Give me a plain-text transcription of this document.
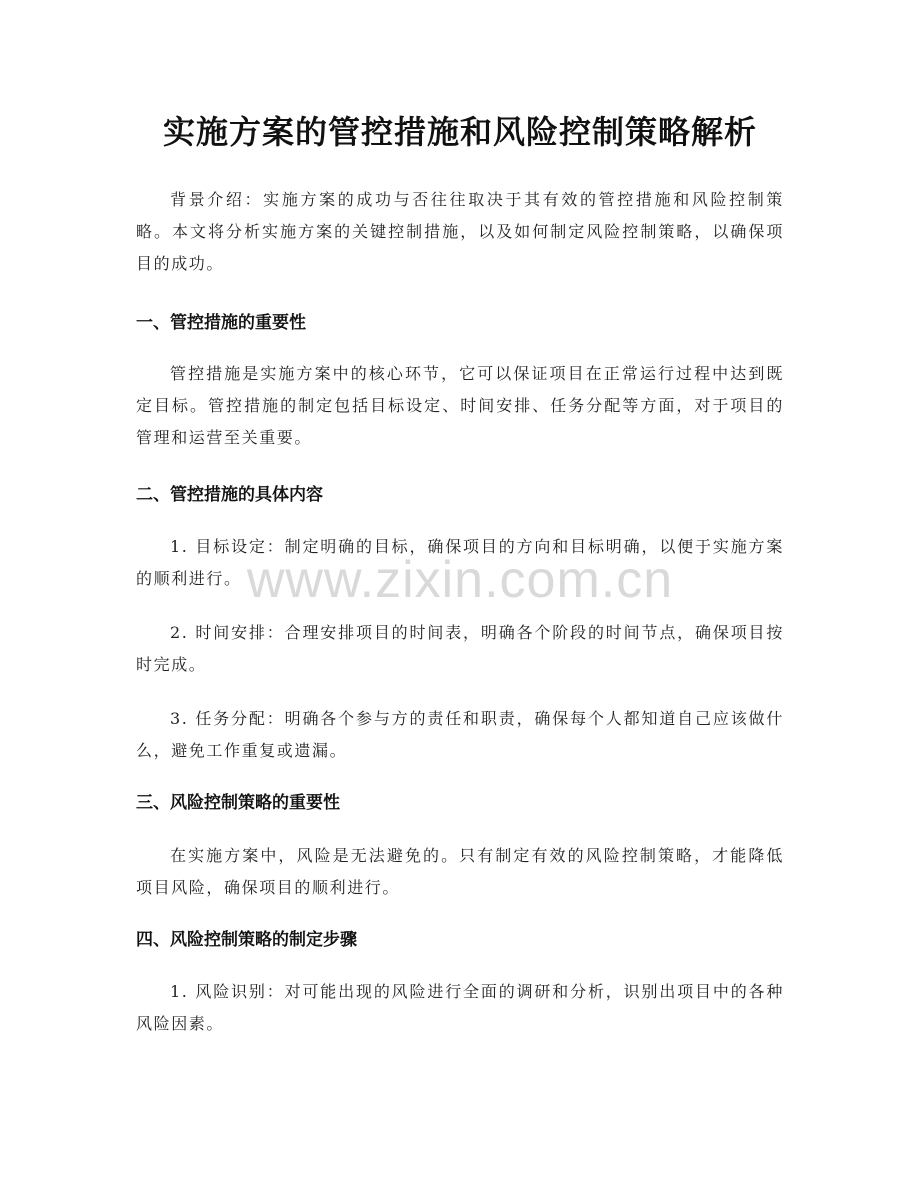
实施方案的管控措施和风险控制策略解析

背景介绍：实施方案的成功与否往往取决于其有效的管控措施和风险控制策略。本文将分析实施方案的关键控制措施，以及如何制定风险控制策略，以确保项目的成功。

一、管控措施的重要性

管控措施是实施方案中的核心环节，它可以保证项目在正常运行过程中达到既定目标。管控措施的制定包括目标设定、时间安排、任务分配等方面，对于项目的管理和运营至关重要。

二、管控措施的具体内容

1. 目标设定：制定明确的目标，确保项目的方向和目标明确，以便于实施方案的顺利进行。

2. 时间安排：合理安排项目的时间表，明确各个阶段的时间节点，确保项目按时完成。

3. 任务分配：明确各个参与方的责任和职责，确保每个人都知道自己应该做什么，避免工作重复或遗漏。

三、风险控制策略的重要性

在实施方案中，风险是无法避免的。只有制定有效的风险控制策略，才能降低项目风险，确保项目的顺利进行。

四、风险控制策略的制定步骤

1. 风险识别：对可能出现的风险进行全面的调研和分析，识别出项目中的各种风险因素。

www.zixin.com.cn
